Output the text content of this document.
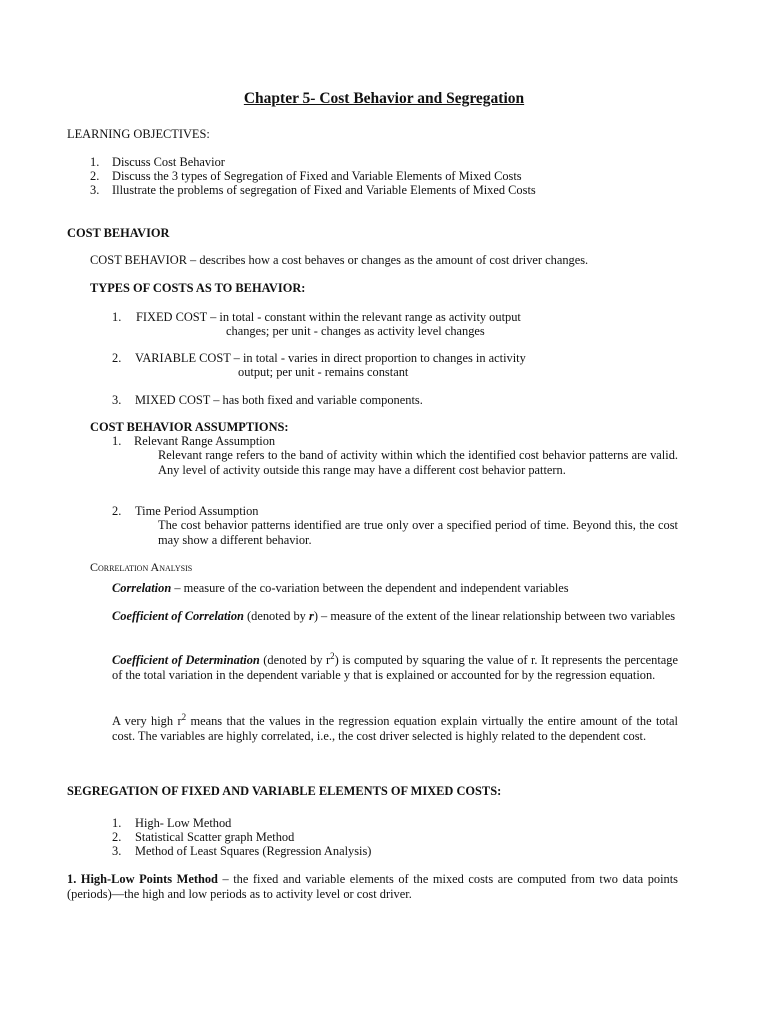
Chapter 5- Cost Behavior and Segregation
LEARNING OBJECTIVES:
1. Discuss Cost Behavior
2. Discuss the 3 types of Segregation of Fixed and Variable Elements of Mixed Costs
3. Illustrate the problems of segregation of Fixed and Variable Elements of Mixed Costs
COST BEHAVIOR
COST BEHAVIOR – describes how a cost behaves or changes as the amount of cost driver changes.
TYPES OF COSTS AS TO BEHAVIOR:
1. FIXED COST – in total - constant within the relevant range as activity output
changes; per unit - changes as activity level changes
2. VARIABLE COST – in total - varies in direct proportion to changes in activity
output; per unit - remains constant
3. MIXED COST – has both fixed and variable components.
COST BEHAVIOR ASSUMPTIONS:
1. Relevant Range Assumption
Relevant range refers to the band of activity within which the identified cost behavior patterns are valid. Any level of activity outside this range may have a different cost behavior pattern.
2. Time Period Assumption
The cost behavior patterns identified are true only over a specified period of time. Beyond this, the cost may show a different behavior.
Correlation Analysis
Correlation – measure of the co-variation between the dependent and independent variables
Coefficient of Correlation (denoted by r) – measure of the extent of the linear relationship between two variables
Coefficient of Determination (denoted by $r^2$) is computed by squaring the value of r. It represents the percentage of the total variation in the dependent variable y that is explained or accounted for by the regression equation.
A very high $r^2$ means that the values in the regression equation explain virtually the entire amount of the total cost. The variables are highly correlated, i.e., the cost driver selected is highly related to the dependent cost.
SEGREGATION OF FIXED AND VARIABLE ELEMENTS OF MIXED COSTS:
1. High- Low Method
2. Statistical Scatter graph Method
3. Method of Least Squares (Regression Analysis)
1. High-Low Points Method – the fixed and variable elements of the mixed costs are computed from two data points (periods)—the high and low periods as to activity level or cost driver.
